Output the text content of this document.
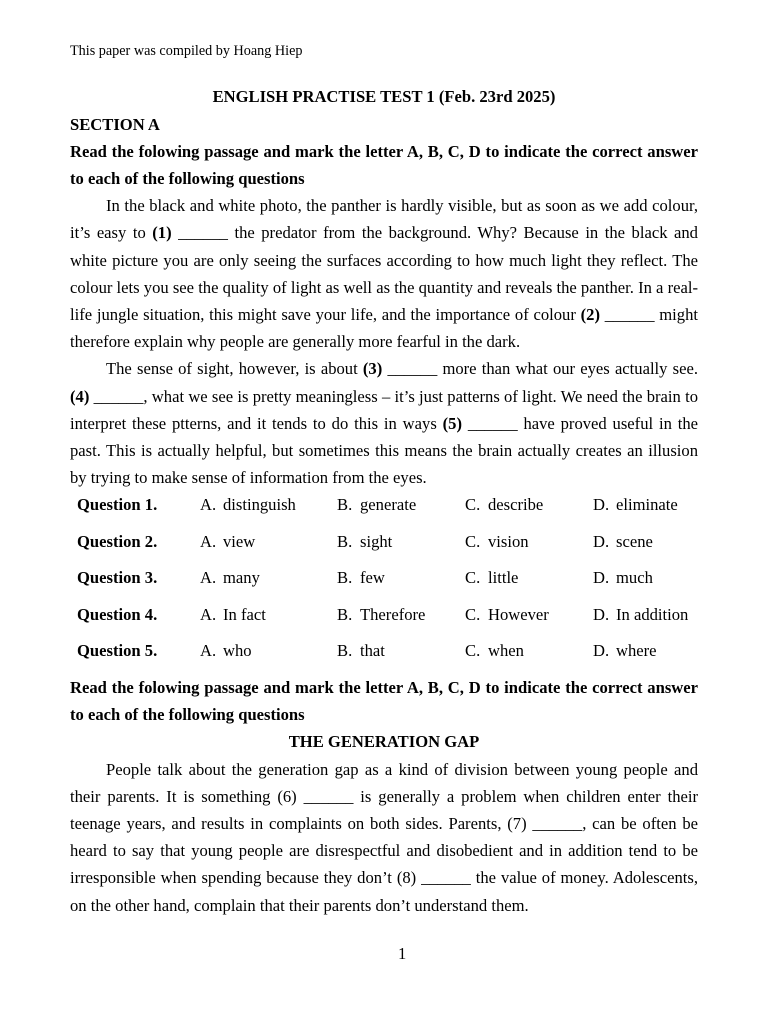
This paper was compiled by Hoang Hiep
ENGLISH PRACTISE TEST 1 (Feb. 23rd 2025)
SECTION A
Read the folowing passage and mark the letter A, B, C, D to indicate the correct answer to each of the following questions
In the black and white photo, the panther is hardly visible, but as soon as we add colour, it’s easy to (1) ______ the predator from the background. Why? Because in the black and white picture you are only seeing the surfaces according to how much light they reflect. The colour lets you see the quality of light as well as the quantity and reveals the panther. In a real-life jungle situation, this might save your life, and the importance of colour (2) ______ might therefore explain why people are generally more fearful in the dark.
The sense of sight, however, is about (3) ______ more than what our eyes actually see. (4) ______, what we see is pretty meaningless – it’s just patterns of light. We need the brain to interpret these ptterns, and it tends to do this in ways (5) ______ have proved useful in the past. This is actually helpful, but sometimes this means the brain actually creates an illusion by trying to make sense of information from the eyes.
Question 1.	A. distinguish B. generate	C. describe	D. eliminate
Question 2.	A. view	B. sight	C. vision	D. scene
Question 3.	A. many	B. few	C. little	D. much
Question 4.	A. In fact	B. Therefore C. However	D. In addition
Question 5.	A. who	B. that	C. when	D. where
Read the folowing passage and mark the letter A, B, C, D to indicate the correct answer to each of the following questions
THE GENERATION GAP
People talk about the generation gap as a kind of division between young people and their parents. It is something (6) ______ is generally a problem when children enter their teenage years, and results in complaints on both sides. Parents, (7) ______, can be often be heard to say that young people are disrespectful and disobedient and in addition tend to be irresponsible when spending because they don’t (8) ______ the value of money. Adolescents, on the other hand, complain that their parents don’t understand them.
1
